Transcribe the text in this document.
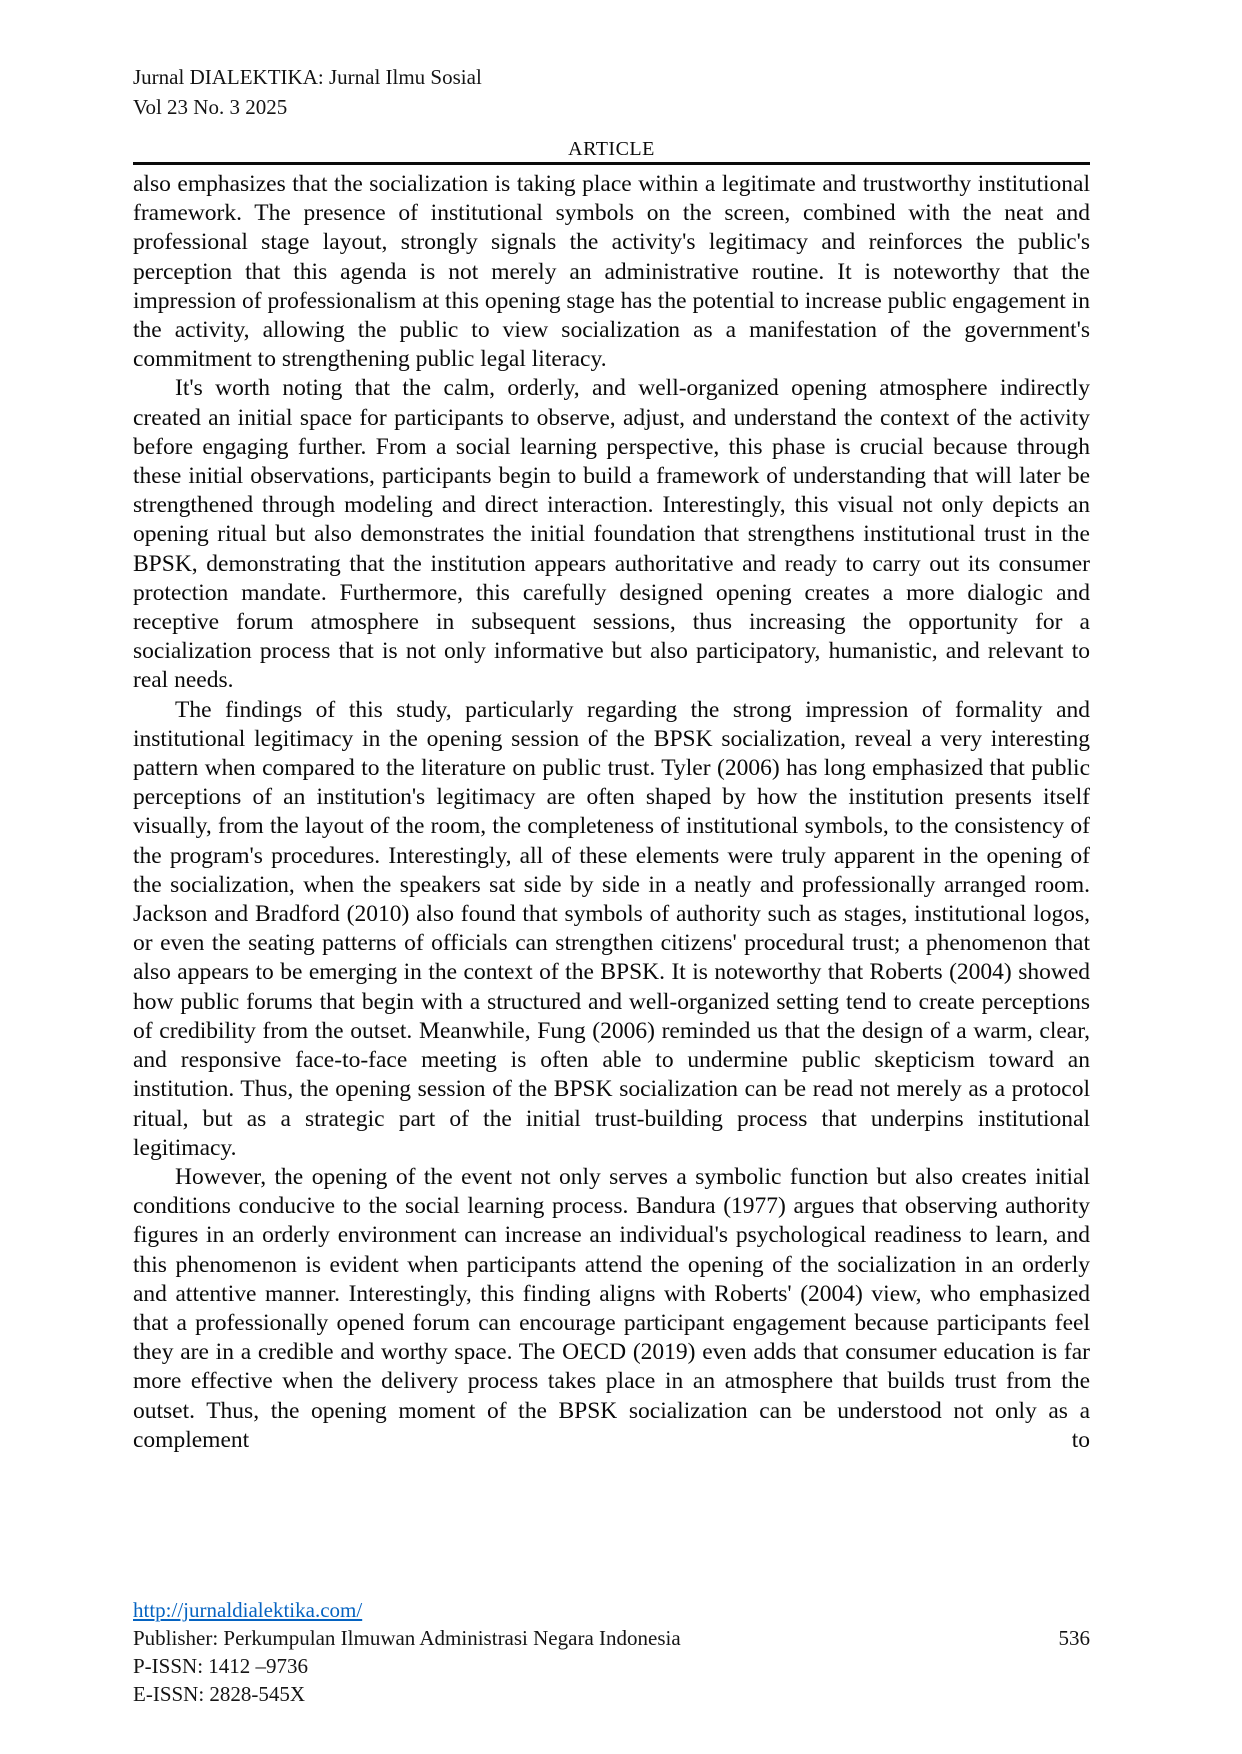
Jurnal DIALEKTIKA: Jurnal Ilmu Sosial
Vol 23 No. 3 2025
ARTICLE

also emphasizes that the socialization is taking place within a legitimate and trustworthy institutional framework. The presence of institutional symbols on the screen, combined with the neat and professional stage layout, strongly signals the activity's legitimacy and reinforces the public's perception that this agenda is not merely an administrative routine. It is noteworthy that the impression of professionalism at this opening stage has the potential to increase public engagement in the activity, allowing the public to view socialization as a manifestation of the government's commitment to strengthening public legal literacy.

It's worth noting that the calm, orderly, and well-organized opening atmosphere indirectly created an initial space for participants to observe, adjust, and understand the context of the activity before engaging further. From a social learning perspective, this phase is crucial because through these initial observations, participants begin to build a framework of understanding that will later be strengthened through modeling and direct interaction. Interestingly, this visual not only depicts an opening ritual but also demonstrates the initial foundation that strengthens institutional trust in the BPSK, demonstrating that the institution appears authoritative and ready to carry out its consumer protection mandate. Furthermore, this carefully designed opening creates a more dialogic and receptive forum atmosphere in subsequent sessions, thus increasing the opportunity for a socialization process that is not only informative but also participatory, humanistic, and relevant to real needs.

The findings of this study, particularly regarding the strong impression of formality and institutional legitimacy in the opening session of the BPSK socialization, reveal a very interesting pattern when compared to the literature on public trust. Tyler (2006) has long emphasized that public perceptions of an institution's legitimacy are often shaped by how the institution presents itself visually, from the layout of the room, the completeness of institutional symbols, to the consistency of the program's procedures. Interestingly, all of these elements were truly apparent in the opening of the socialization, when the speakers sat side by side in a neatly and professionally arranged room. Jackson and Bradford (2010) also found that symbols of authority such as stages, institutional logos, or even the seating patterns of officials can strengthen citizens' procedural trust; a phenomenon that also appears to be emerging in the context of the BPSK. It is noteworthy that Roberts (2004) showed how public forums that begin with a structured and well-organized setting tend to create perceptions of credibility from the outset. Meanwhile, Fung (2006) reminded us that the design of a warm, clear, and responsive face-to-face meeting is often able to undermine public skepticism toward an institution. Thus, the opening session of the BPSK socialization can be read not merely as a protocol ritual, but as a strategic part of the initial trust-building process that underpins institutional legitimacy.

However, the opening of the event not only serves a symbolic function but also creates initial conditions conducive to the social learning process. Bandura (1977) argues that observing authority figures in an orderly environment can increase an individual's psychological readiness to learn, and this phenomenon is evident when participants attend the opening of the socialization in an orderly and attentive manner. Interestingly, this finding aligns with Roberts' (2004) view, who emphasized that a professionally opened forum can encourage participant engagement because participants feel they are in a credible and worthy space. The OECD (2019) even adds that consumer education is far more effective when the delivery process takes place in an atmosphere that builds trust from the outset. Thus, the opening moment of the BPSK socialization can be understood not only as a complement to

http://jurnaldialektika.com/
Publisher: Perkumpulan Ilmuwan Administrasi Negara Indonesia	536
P-ISSN: 1412 –9736
E-ISSN: 2828-545X
